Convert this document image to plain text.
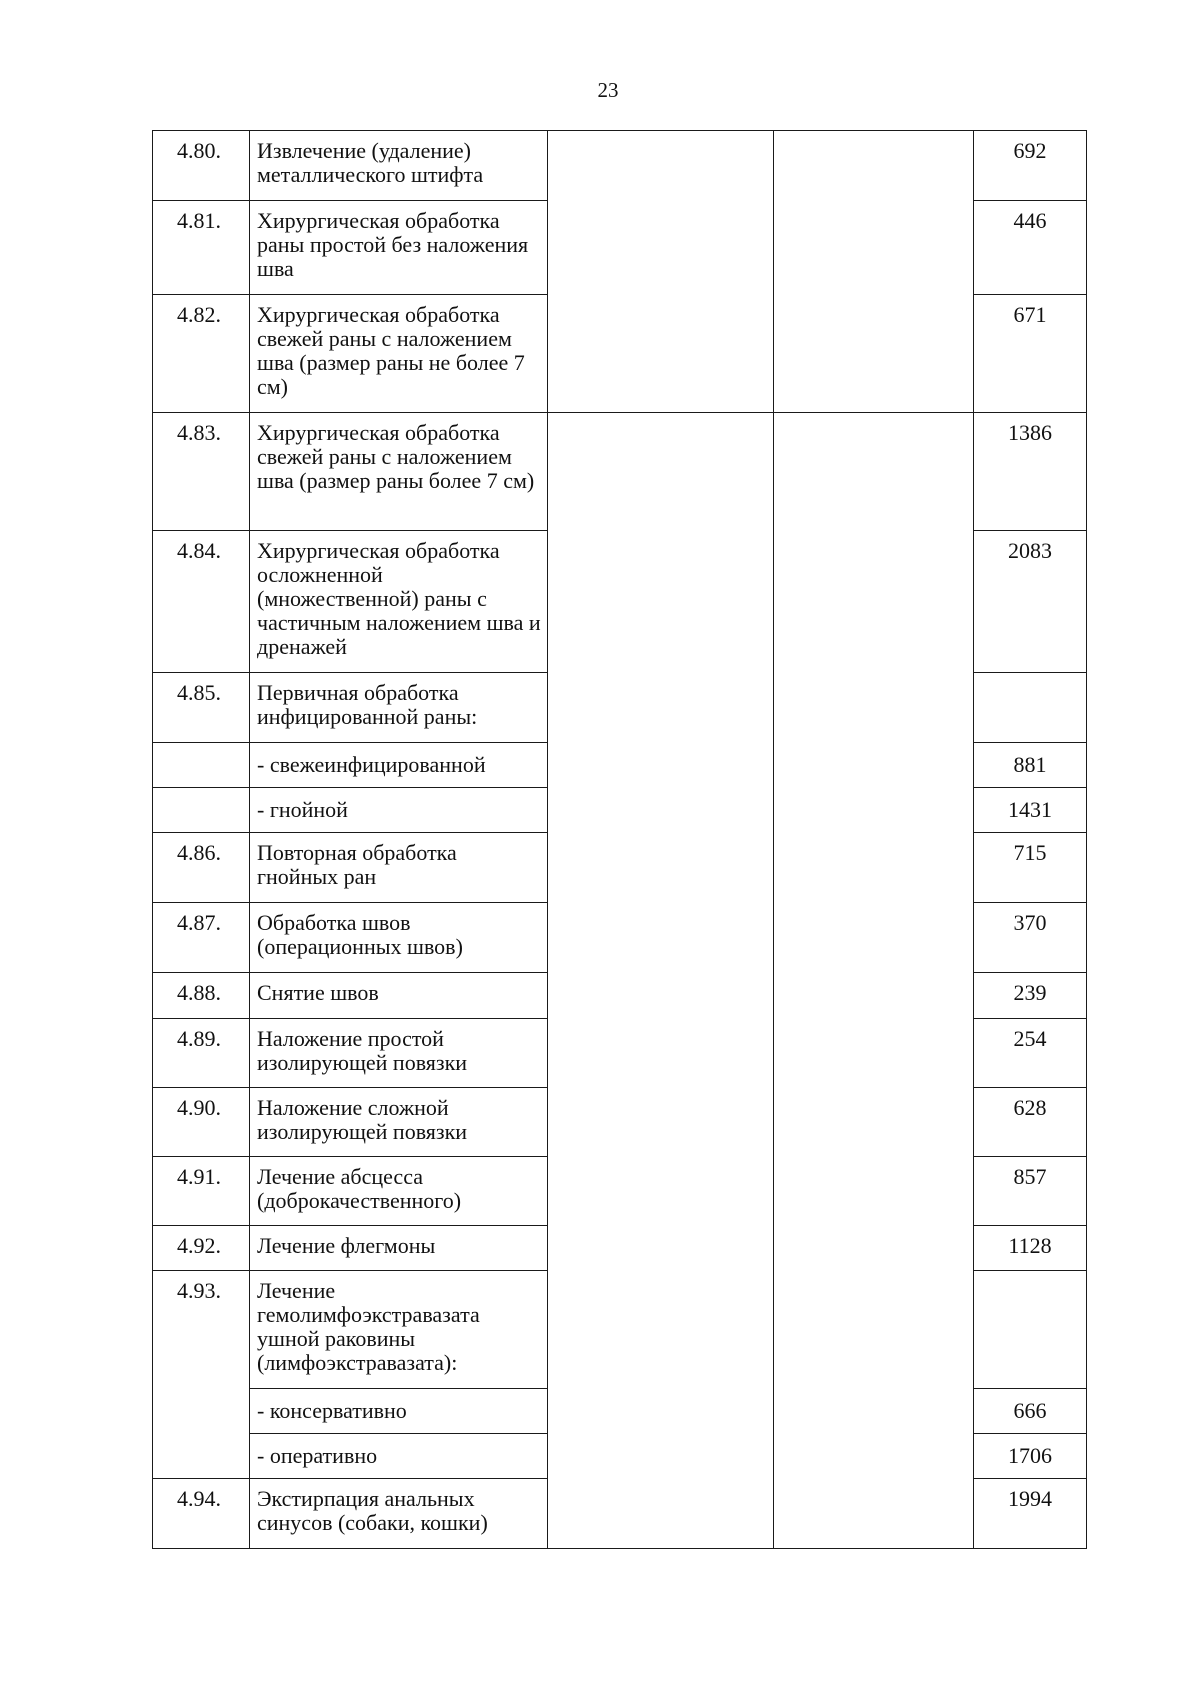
23
4.80.	Извлечение (удаление) металлического штифта			692
4.81.	Хирургическая обработка раны простой без наложения шва			446
4.82.	Хирургическая обработка свежей раны с наложением шва (размер раны не более 7 см)			671
4.83.	Хирургическая обработка свежей раны с наложением шва (размер раны более 7 см)			1386
4.84.	Хирургическая обработка осложненной (множественной) раны с частичным наложением шва и дренажей			2083
4.85.	Первичная обработка инфицированной раны:			
	- свежеинфицированной			881
	- гнойной			1431
4.86.	Повторная обработка гнойных ран			715
4.87.	Обработка швов (операционных швов)			370
4.88.	Снятие швов			239
4.89.	Наложение простой изолирующей повязки			254
4.90.	Наложение сложной изолирующей повязки			628
4.91.	Лечение абсцесса (доброкачественного)			857
4.92.	Лечение флегмоны			1128
4.93.	Лечение гемолимфоэкстравазата ушной раковины (лимфоэкстравазата):			
	- консервативно			666
	- оперативно			1706
4.94.	Экстирпация анальных синусов (собаки, кошки)			1994
